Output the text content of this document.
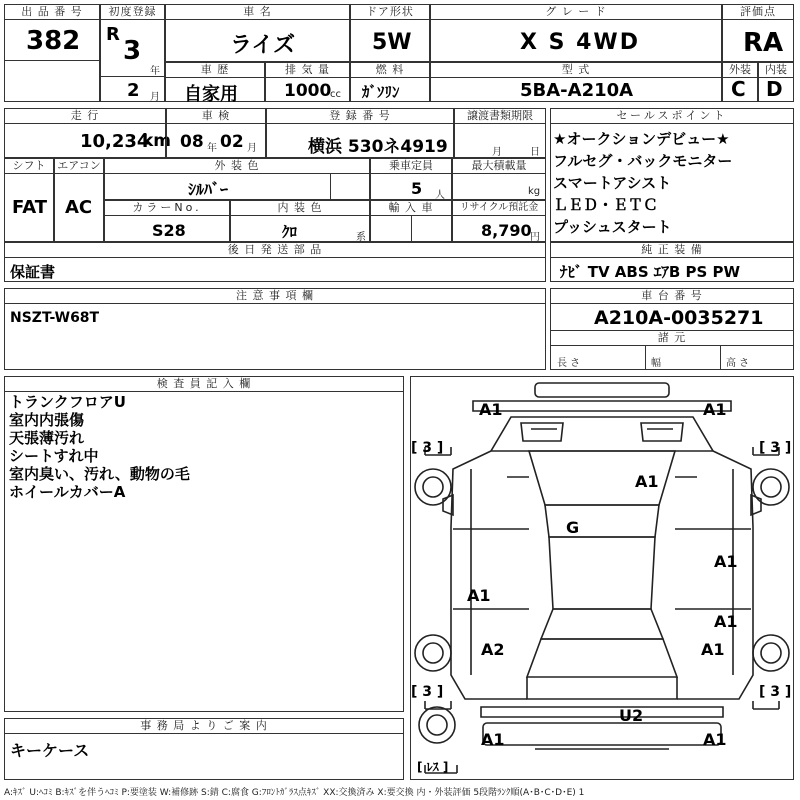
出 品 番 号
382
初度登録
R
3
年
2 月
車 名
ライズ
ドア形状
5W
グ レ ー ド
X S 4WD
評価点
RA
車 歴
自家用
排 気 量
1000
cc
燃 料
ｶﾞｿﾘﾝ
型 式
5BA-A210A
外装
C
内装
D
走 行
10,234
km
車 検
08 年 02 月
登 録 番 号
横浜 530ネ4919
譲渡書類期限
月	日
シフト
FAT
エアコン
AC
外 装 色
ｼﾙﾊﾞｰ
乗車定員
5 人
最大積載量
kg
カラーNo.
S28
内 装 色
ｸﾛ	系
輸 入 車	リサイクル預託金
8,790
円
後 日 発 送 部 品
保証書
セールスポイント
★オークションデビュー★
フルセグ・バックモニター
スマートアシスト
ＬＥＤ・ＥＴＣ
プッシュスタート
純 正 装 備
ﾅﾋﾞ TV ABS ｴｱB PS PW
注 意 事 項 欄
NSZT-W68T
車 台 番 号
A210A-0035271
諸 元
長 さ	幅	高 さ
検 査 員 記 入 欄
トランクフロアU
室内内張傷
天張薄汚れ
シートすれ中
室内臭い、汚れ、動物の毛
ホイールカバーA
事 務 局 よ り ご 案 内
キーケース
A1	A1
A1
G
A1
A1
A1
A2	A1
U2
A1	A1
[ 3 ]	[ 3 ]
[ 3 ]	[ 3 ]
[ ﾚｽ ]
A:ｷｽﾞ U:ﾍｺﾐ B:ｷｽﾞを伴うﾍｺﾐ P:要塗装 W:補修跡 S:錆 C:腐食 G:ﾌﾛﾝﾄｶﾞﾗｽ点ｷｽﾞ XX:交換済み X:要交換 内・外装評価 5段階ﾗﾝｸ順(A･B･C･D･E) 1
